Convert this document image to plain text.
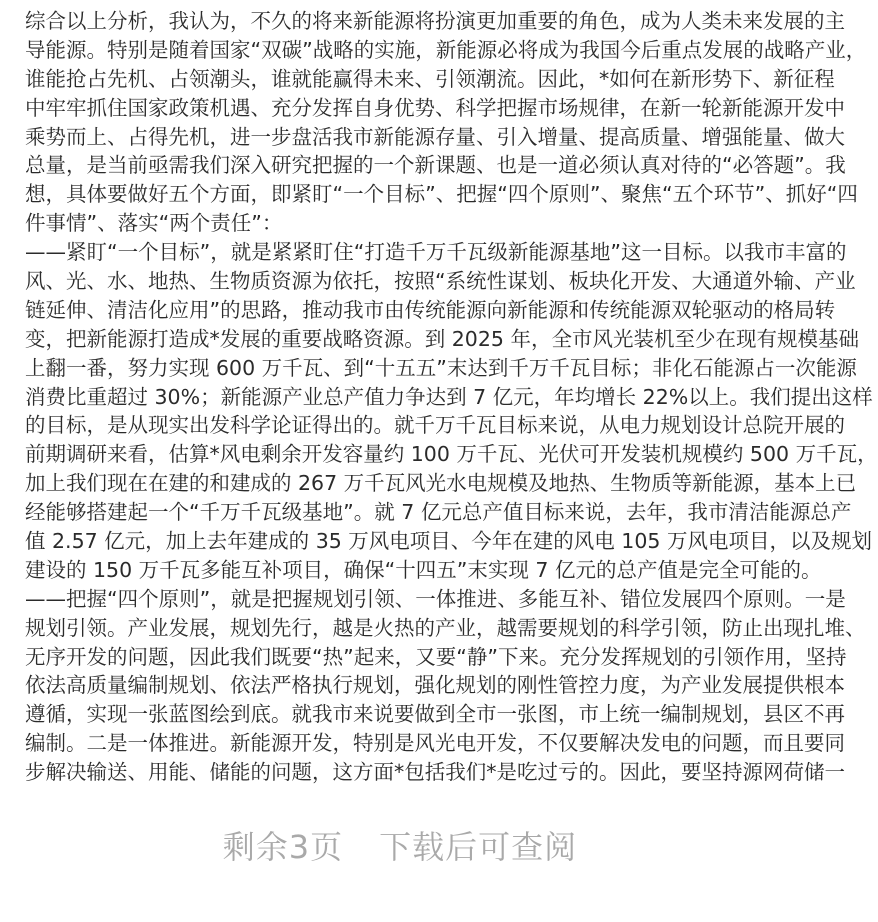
综合以上分析，我认为，不久的将来新能源将扮演更加重要的角色，成为人类未来发展的主
导能源。特别是随着国家“双碳”战略的实施，新能源必将成为我国今后重点发展的战略产业，
谁能抢占先机、占领潮头，谁就能赢得未来、引领潮流。因此，*如何在新形势下、新征程
中牢牢抓住国家政策机遇、充分发挥自身优势、科学把握市场规律，在新一轮新能源开发中
乘势而上、占得先机，进一步盘活我市新能源存量、引入增量、提高质量、增强能量、做大
总量，是当前亟需我们深入研究把握的一个新课题、也是一道必须认真对待的“必答题”。我
想，具体要做好五个方面，即紧盯“一个目标”、把握“四个原则”、聚焦“五个环节”、抓好“四
件事情”、落实“两个责任”：
——紧盯“一个目标”，就是紧紧盯住“打造千万千瓦级新能源基地”这一目标。以我市丰富的
风、光、水、地热、生物质资源为依托，按照“系统性谋划、板块化开发、大通道外输、产业
链延伸、清洁化应用”的思路，推动我市由传统能源向新能源和传统能源双轮驱动的格局转
变，把新能源打造成*发展的重要战略资源。到 2025 年，全市风光装机至少在现有规模基础
上翻一番，努力实现 600 万千瓦、到“十五五”末达到千万千瓦目标；非化石能源占一次能源
消费比重超过 30%；新能源产业总产值力争达到 7 亿元，年均增长 22%以上。我们提出这样
的目标，是从现实出发科学论证得出的。就千万千瓦目标来说，从电力规划设计总院开展的
前期调研来看，估算*风电剩余开发容量约 100 万千瓦、光伏可开发装机规模约 500 万千瓦，
加上我们现在在建的和建成的 267 万千瓦风光水电规模及地热、生物质等新能源，基本上已
经能够搭建起一个“千万千瓦级基地”。就 7 亿元总产值目标来说，去年，我市清洁能源总产
值 2.57 亿元，加上去年建成的 35 万风电项目、今年在建的风电 105 万风电项目，以及规划
建设的 150 万千瓦多能互补项目，确保“十四五”末实现 7 亿元的总产值是完全可能的。
——把握“四个原则”，就是把握规划引领、一体推进、多能互补、错位发展四个原则。一是
规划引领。产业发展，规划先行，越是火热的产业，越需要规划的科学引领，防止出现扎堆、
无序开发的问题，因此我们既要“热”起来，又要“静”下来。充分发挥规划的引领作用，坚持
依法高质量编制规划、依法严格执行规划，强化规划的刚性管控力度，为产业发展提供根本
遵循，实现一张蓝图绘到底。就我市来说要做到全市一张图，市上统一编制规划，县区不再
编制。二是一体推进。新能源开发，特别是风光电开发，不仅要解决发电的问题，而且要同
步解决输送、用能、储能的问题，这方面*包括我们*是吃过亏的。因此，要坚持源网荷储一
剩余3页 下载后可查阅
